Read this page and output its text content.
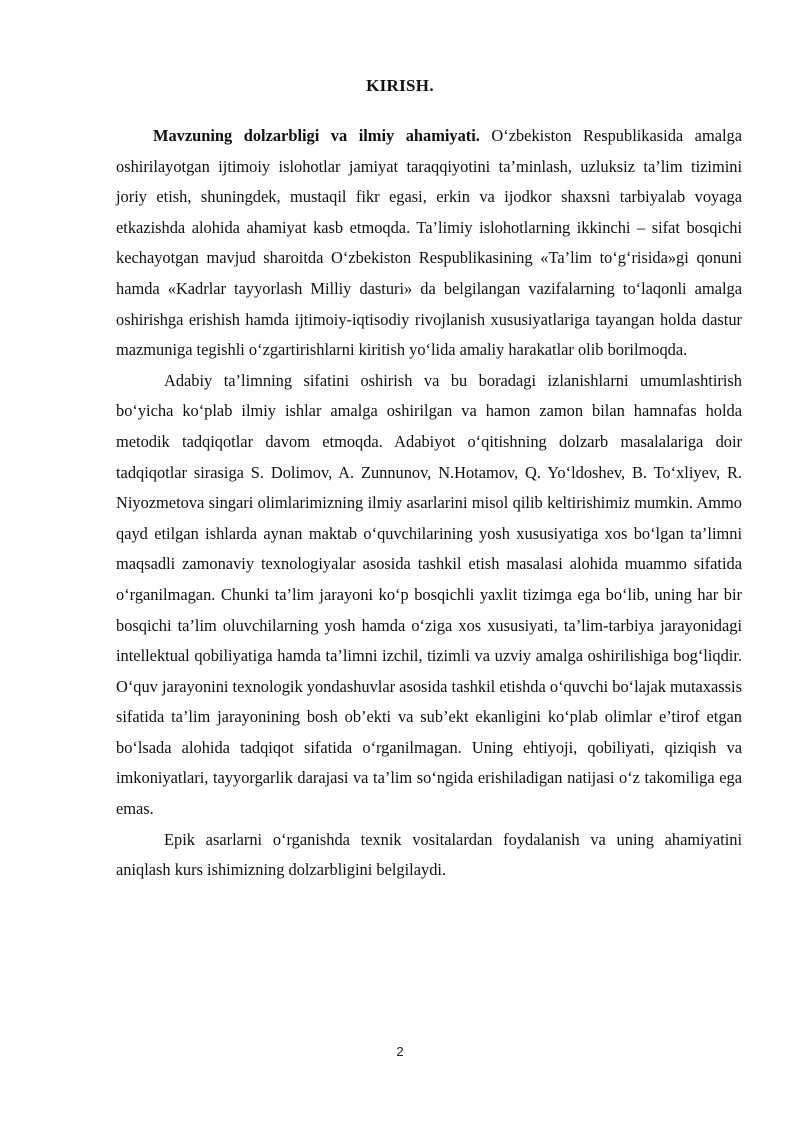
KIRISH.

Mavzuning dolzarbligi va ilmiy ahamiyati. O‘zbekiston Respublikasida amalga oshirilayotgan ijtimoiy islohotlar jamiyat taraqqiyotini ta’minlash, uzluksiz ta’lim tizimini joriy etish, shuningdek, mustaqil fikr egasi, erkin va ijodkor shaxsni tarbiyalab voyaga etkazishda alohida ahamiyat kasb etmoqda. Ta’limiy islohotlarning ikkinchi – sifat bosqichi kechayotgan mavjud sharoitda O‘zbekiston Respublikasining «Ta’lim to‘g‘risida»gi qonuni hamda «Kadrlar tayyorlash Milliy dasturi» da belgilangan vazifalarning to‘laqonli amalga oshirishga erishish hamda ijtimoiy-iqtisodiy rivojlanish xususiyatlariga tayangan holda dastur mazmuniga tegishli o‘zgartirishlarni kiritish yo‘lida amaliy harakatlar olib borilmoqda.

Adabiy ta’limning sifatini oshirish va bu boradagi izlanishlarni umumlashtirish bo‘yicha ko‘plab ilmiy ishlar amalga oshirilgan va hamon zamon bilan hamnafas holda metodik tadqiqotlar davom etmoqda. Adabiyot o‘qitishning dolzarb masalalariga doir tadqiqotlar sirasiga S. Dolimov, A. Zunnunov, N.Hotamov, Q. Yo‘ldoshev, B. To‘xliyev, R. Niyozmetova singari olimlarimizning ilmiy asarlarini misol qilib keltirishimiz mumkin. Ammo qayd etilgan ishlarda aynan maktab o‘quvchilarining yosh xususiyatiga xos bo‘lgan ta’limni maqsadli zamonaviy texnologiyalar asosida tashkil etish masalasi alohida muammo sifatida o‘rganilmagan. Chunki ta’lim jarayoni ko‘p bosqichli yaxlit tizimga ega bo‘lib, uning har bir bosqichi ta’lim oluvchilarning yosh hamda o‘ziga xos xususiyati, ta’lim-tarbiya jarayonidagi intellektual qobiliyatiga hamda ta’limni izchil, tizimli va uzviy amalga oshirilishiga bog‘liqdir. O‘quv jarayonini texnologik yondashuvlar asosida tashkil etishda o‘quvchi bo‘lajak mutaxassis sifatida ta’lim jarayonining bosh ob’ekti va sub’ekt ekanligini ko‘plab olimlar e’tirof etgan bo‘lsada alohida tadqiqot sifatida o‘rganilmagan. Uning ehtiyoji, qobiliyati, qiziqish va imkoniyatlari, tayyorgarlik darajasi va ta’lim so‘ngida erishiladigan natijasi o‘z takomiliga ega emas.

Epik asarlarni o‘rganishda texnik vositalardan foydalanish va uning ahamiyatini aniqlash kurs ishimizning dolzarbligini belgilaydi.

2
